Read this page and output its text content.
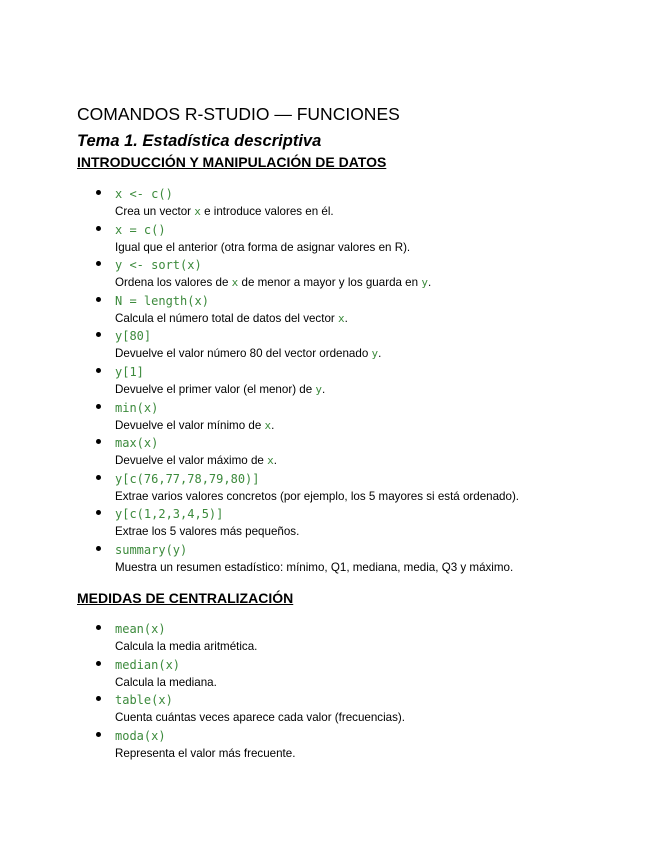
COMANDOS R-STUDIO — FUNCIONES
Tema 1. Estadística descriptiva
INTRODUCCIÓN Y MANIPULACIÓN DE DATOS
x <- c()
Crea un vector x e introduce valores en él.
x = c()
Igual que el anterior (otra forma de asignar valores en R).
y <- sort(x)
Ordena los valores de x de menor a mayor y los guarda en y.
N = length(x)
Calcula el número total de datos del vector x.
y[80]
Devuelve el valor número 80 del vector ordenado y.
y[1]
Devuelve el primer valor (el menor) de y.
min(x)
Devuelve el valor mínimo de x.
max(x)
Devuelve el valor máximo de x.
y[c(76,77,78,79,80)]
Extrae varios valores concretos (por ejemplo, los 5 mayores si está ordenado).
y[c(1,2,3,4,5)]
Extrae los 5 valores más pequeños.
summary(y)
Muestra un resumen estadístico: mínimo, Q1, mediana, media, Q3 y máximo.
MEDIDAS DE CENTRALIZACIÓN
mean(x)
Calcula la media aritmética.
median(x)
Calcula la mediana.
table(x)
Cuenta cuántas veces aparece cada valor (frecuencias).
moda(x)
Representa el valor más frecuente.
